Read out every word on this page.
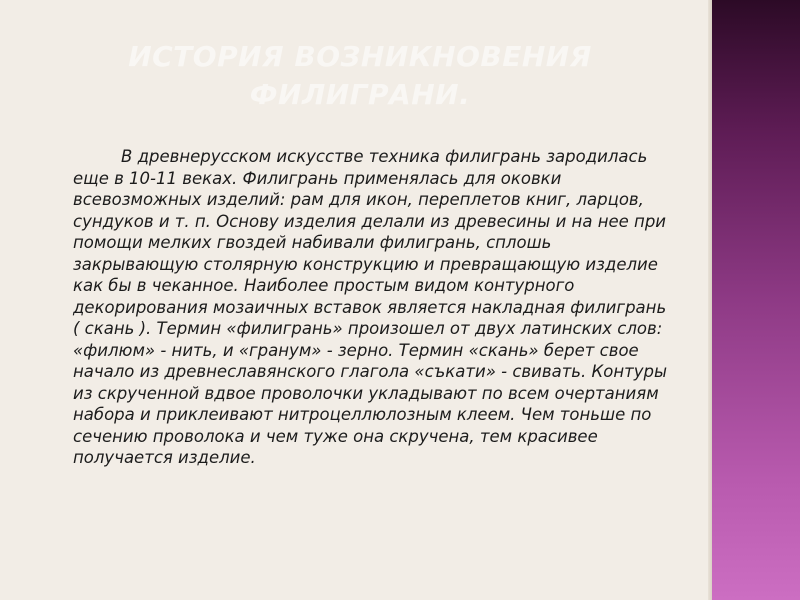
ИСТОРИЯ ВОЗНИКНОВЕНИЯ ФИЛИГРАНИ.

В древнерусском искусстве техника филигрань зародилась еще в 10-11 веках. Филигрань применялась для оковки всевозможных изделий: рам для икон, переплетов книг, ларцов, сундуков и т. п. Основу изделия делали из древесины и на нее при помощи мелких гвоздей набивали филигрань, сплошь закрывающую столярную конструкцию и превращающую изделие как бы в чеканное. Наиболее простым видом контурного декорирования мозаичных вставок является накладная филигрань ( скань ). Термин «филигрань» произошел от двух латинских слов: «филюм» - нить, и «гранум» - зерно. Термин «скань» берет свое начало из древнеславянского глагола «съкати» - свивать. Контуры из скрученной вдвое проволочки укладывают по всем очертаниям набора и приклеивают нитроцеллюлозным клеем. Чем тоньше по сечению проволока и чем туже она скручена, тем красивее получается изделие.
